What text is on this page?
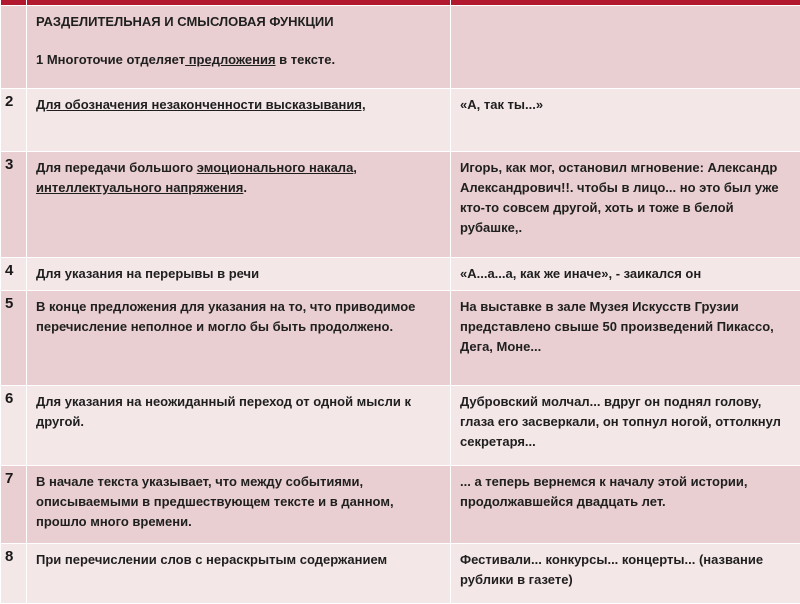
	РАЗДЕЛИТЕЛЬНАЯ И СМЫСЛОВАЯ ФУНКЦИИ
1 Многоточие отделяет предложения в тексте.	
2	Для обозначения незаконченности высказывания,	«А, так ты...»
3	Для передачи большого эмоционального накала,
интеллектуального напряжения.	Игорь, как мог, остановил мгновение: Александр Александрович!!. чтобы в лицо... но это был уже кто-то совсем другой, хоть и тоже в белой рубашке,.
4	Для указания на перерывы в речи	«А...а...а, как же иначе», - заикался он
5	В конце предложения для указания на то, что приводимое перечисление неполное и могло бы быть продолжено.	На выставке в зале Музея Искусств Грузии представлено свыше 50 произведений Пикассо, Дега, Моне...
6	Для указания на неожиданный переход от одной мысли к другой.	Дубровский молчал... вдруг он поднял голову, глаза его засверкали, он топнул ногой, оттолкнул секретаря...
7	В начале текста указывает, что между событиями, описываемыми в предшествующем тексте и в данном, прошло много времени.	... а теперь вернемся к началу этой истории, продолжавшейся двадцать лет.
8	При перечислении слов с нераскрытым содержанием	Фестивали... конкурсы... концерты... (название рублики в газете)
